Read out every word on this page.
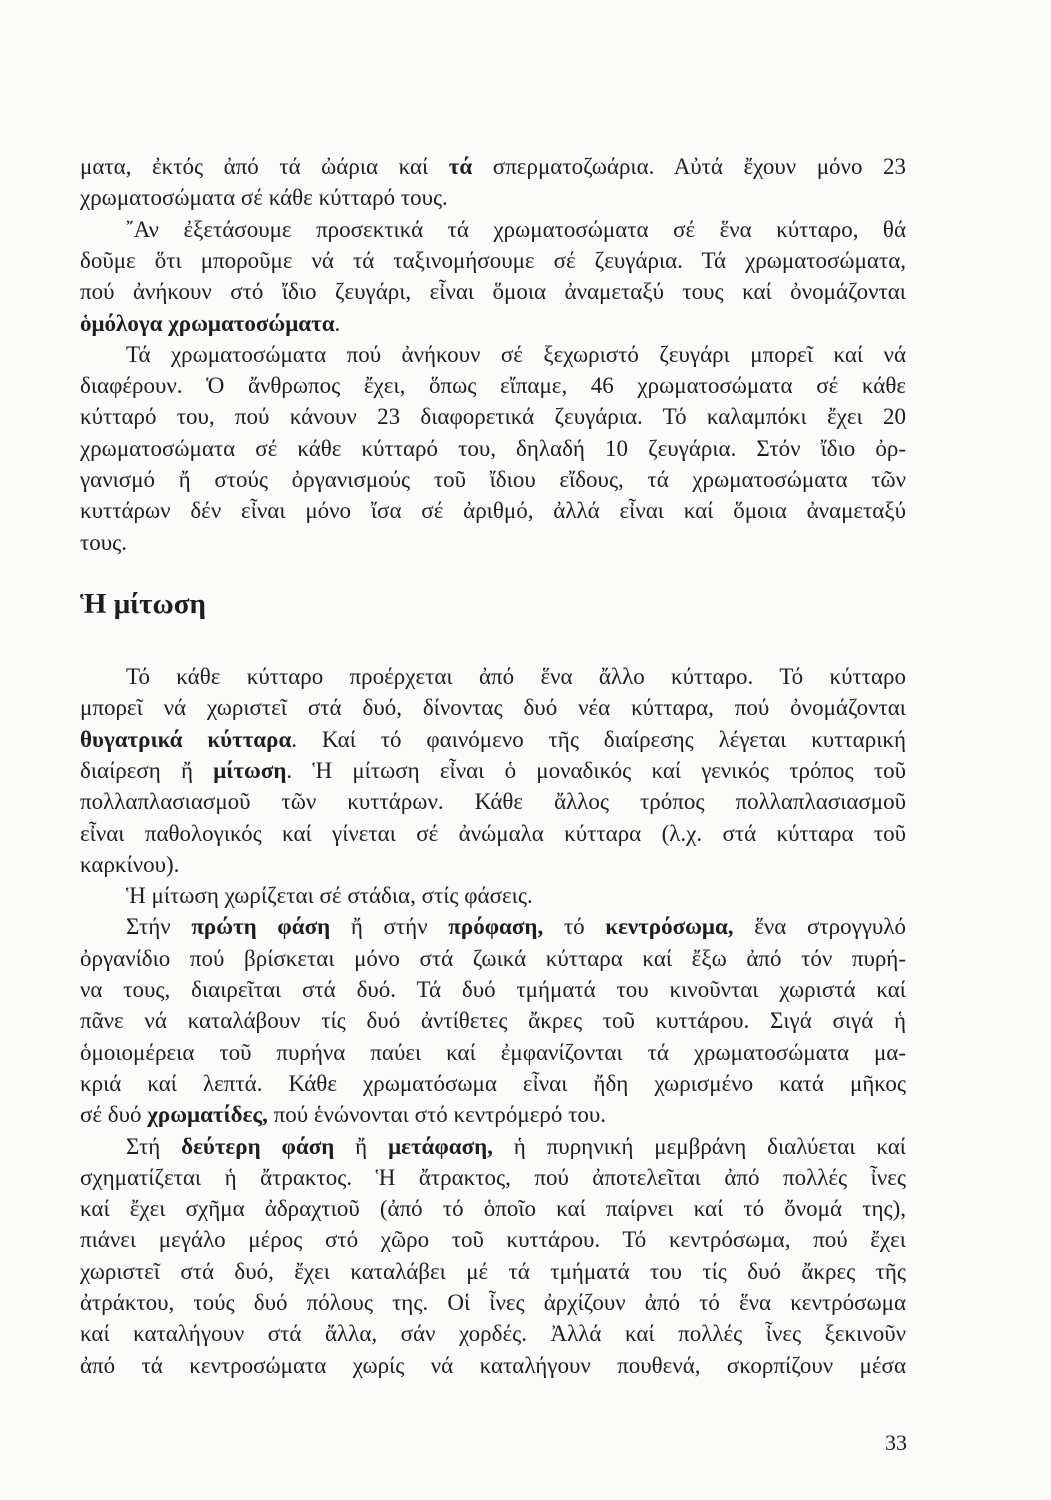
ματα, ἐκτός ἀπό τά ὠάρια καί τά σπερματοζωάρια. Αὐτά ἔχουν μόνο 23
χρωματοσώματα σέ κάθε κύτταρό τους.
῎Αν ἐξετάσουμε προσεκτικά τά χρωματοσώματα σέ ἕνα κύτταρο, θά
δοῦμε ὅτι μποροῦμε νά τά ταξινομήσουμε σέ ζευγάρια. Τά χρωματοσώματα,
πού ἀνήκουν στό ἴδιο ζευγάρι, εἶναι ὅμοια ἀναμεταξύ τους καί ὀνομάζονται
ὁμόλογα χρωματοσώματα.
Τά χρωματοσώματα πού ἀνήκουν σέ ξεχωριστό ζευγάρι μπορεῖ καί νά
διαφέρουν. Ὁ ἄνθρωπος ἔχει, ὅπως εἴπαμε, 46 χρωματοσώματα σέ κάθε
κύτταρό του, πού κάνουν 23 διαφορετικά ζευγάρια. Τό καλαμπόκι ἔχει 20
χρωματοσώματα σέ κάθε κύτταρό του, δηλαδή 10 ζευγάρια. Στόν ἴδιο ὀρ-
γανισμό ἤ στούς ὀργανισμούς τοῦ ἴδιου εἴδους, τά χρωματοσώματα τῶν
κυττάρων δέν εἶναι μόνο ἴσα σέ ἀριθμό, ἀλλά εἶναι καί ὅμοια ἀναμεταξύ
τους.
Ἡ μίτωση
Τό κάθε κύτταρο προέρχεται ἀπό ἕνα ἄλλο κύτταρο. Τό κύτταρο
μπορεῖ νά χωριστεῖ στά δυό, δίνοντας δυό νέα κύτταρα, πού ὀνομάζονται
θυγατρικά κύτταρα. Καί τό φαινόμενο τῆς διαίρεσης λέγεται κυτταρική
διαίρεση ἤ μίτωση. Ἡ μίτωση εἶναι ὁ μοναδικός καί γενικός τρόπος τοῦ
πολλαπλασιασμοῦ τῶν κυττάρων. Κάθε ἄλλος τρόπος πολλαπλασιασμοῦ
εἶναι παθολογικός καί γίνεται σέ ἀνώμαλα κύτταρα (λ.χ. στά κύτταρα τοῦ
καρκίνου).
Ἡ μίτωση χωρίζεται σέ στάδια, στίς φάσεις.
Στήν πρώτη φάση ἤ στήν πρόφαση, τό κεντρόσωμα, ἕνα στρογγυλό
ὀργανίδιο πού βρίσκεται μόνο στά ζωικά κύτταρα καί ἔξω ἀπό τόν πυρή-
να τους, διαιρεῖται στά δυό. Τά δυό τμήματά του κινοῦνται χωριστά καί
πᾶνε νά καταλάβουν τίς δυό ἀντίθετες ἄκρες τοῦ κυττάρου. Σιγά σιγά ἡ
ὁμοιομέρεια τοῦ πυρήνα παύει καί ἐμφανίζονται τά χρωματοσώματα μα-
κριά καί λεπτά. Κάθε χρωματόσωμα εἶναι ἤδη χωρισμένο κατά μῆκος
σέ δυό χρωματίδες, πού ἑνώνονται στό κεντρόμερό του.
Στή δεύτερη φάση ἤ μετάφαση, ἡ πυρηνική μεμβράνη διαλύεται καί
σχηματίζεται ἡ ἄτρακτος. Ἡ ἄτρακτος, πού ἀποτελεῖται ἀπό πολλές ἶνες
καί ἔχει σχῆμα ἀδραχτιοῦ (ἀπό τό ὁποῖο καί παίρνει καί τό ὄνομά της),
πιάνει μεγάλο μέρος στό χῶρο τοῦ κυττάρου. Τό κεντρόσωμα, πού ἔχει
χωριστεῖ στά δυό, ἔχει καταλάβει μέ τά τμήματά του τίς δυό ἄκρες τῆς
ἀτράκτου, τούς δυό πόλους της. Οἱ ἶνες ἀρχίζουν ἀπό τό ἕνα κεντρόσωμα
καί καταλήγουν στά ἄλλα, σάν χορδές. Ἀλλά καί πολλές ἶνες ξεκινοῦν
ἀπό τά κεντροσώματα χωρίς νά καταλήγουν πουθενά, σκορπίζουν μέσα
33
